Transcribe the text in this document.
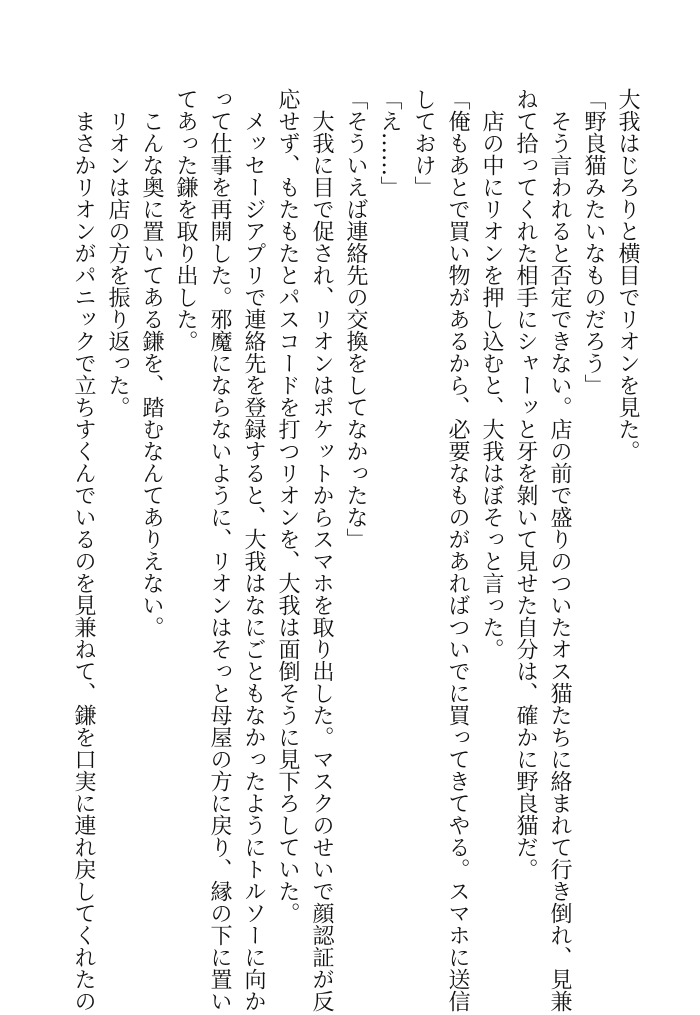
大我はじろりと横目でリオンを見た。

「野良猫みたいなものだろう」

　そう言われると否定できない。店の前で盛りのついたオス猫たちに絡まれて行き倒れ、見兼

ねて拾ってくれた相手にシャーッと牙を剝いて見せた自分は、確かに野良猫だ。

　店の中にリオンを押し込むと、大我はぼそっと言った。

「俺もあとで買い物があるから、必要なものがあればついでに買ってきてやる。スマホに送信

しておけ」

「え……」

「そういえば連絡先の交換をしてなかったな」

　大我に目で促され、リオンはポケットからスマホを取り出した。マスクのせいで顔認証が反

応せず、もたもたとパスコードを打つリオンを、大我は面倒そうに見下ろしていた。

　メッセージアプリで連絡先を登録すると、大我はなにごともなかったようにトルソーに向か

って仕事を再開した。邪魔にならないように、リオンはそっと母屋の方に戻り、縁の下に置い

てあった鎌を取り出した。

　こんな奥に置いてある鎌を、踏むなんてありえない。

　リオンは店の方を振り返った。

　まさかリオンがパニックで立ちすくんでいるのを見兼ねて、鎌を口実に連れ戻してくれたの
